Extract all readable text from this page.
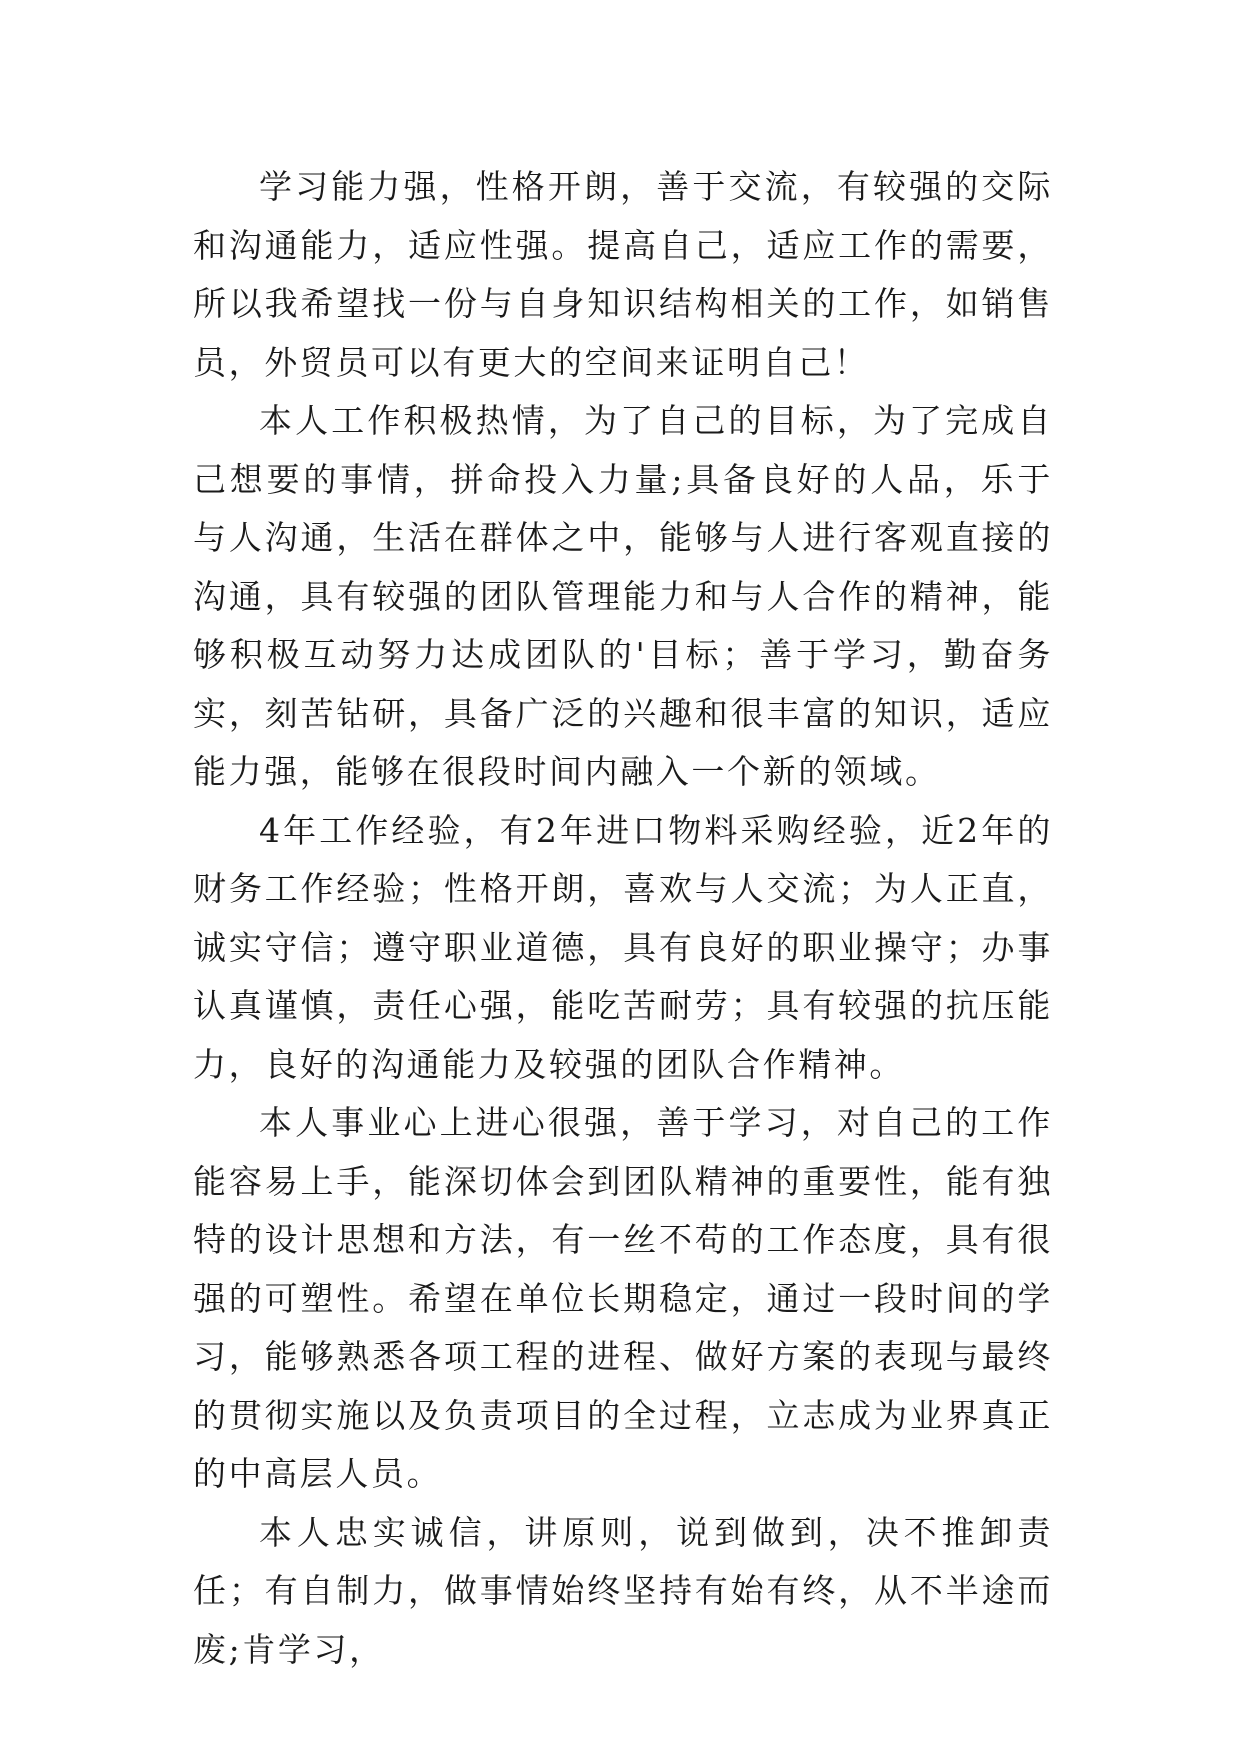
学习能力强，性格开朗，善于交流，有较强的交际和沟通能力，适应性强。提高自己，适应工作的需要，所以我希望找一份与自身知识结构相关的工作，如销售员，外贸员可以有更大的空间来证明自己！

本人工作积极热情，为了自己的目标，为了完成自己想要的事情，拼命投入力量;具备良好的人品，乐于与人沟通，生活在群体之中，能够与人进行客观直接的沟通，具有较强的团队管理能力和与人合作的精神，能够积极互动努力达成团队的'目标；善于学习，勤奋务实，刻苦钻研，具备广泛的兴趣和很丰富的知识，适应能力强，能够在很段时间内融入一个新的领域。

4年工作经验，有2年进口物料采购经验，近2年的财务工作经验；性格开朗，喜欢与人交流；为人正直，诚实守信；遵守职业道德，具有良好的职业操守；办事认真谨慎，责任心强，能吃苦耐劳；具有较强的抗压能力，良好的沟通能力及较强的团队合作精神。

本人事业心上进心很强，善于学习，对自己的工作能容易上手，能深切体会到团队精神的重要性，能有独特的设计思想和方法，有一丝不苟的工作态度，具有很强的可塑性。希望在单位长期稳定，通过一段时间的学习，能够熟悉各项工程的进程、做好方案的表现与最终的贯彻实施以及负责项目的全过程，立志成为业界真正的中高层人员。

本人忠实诚信，讲原则，说到做到，决不推卸责任；有自制力，做事情始终坚持有始有终，从不半途而废;肯学习，
